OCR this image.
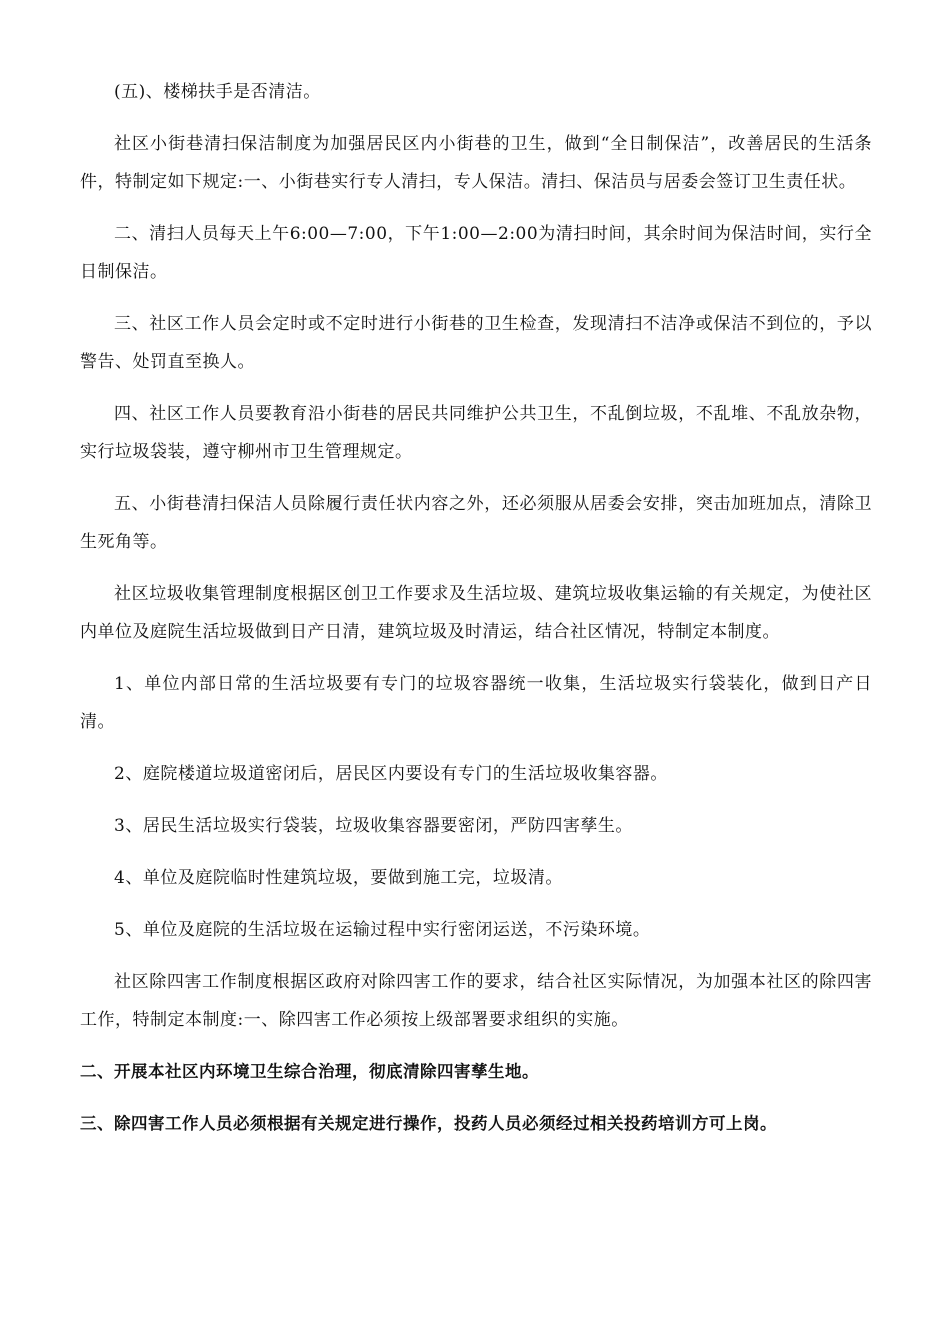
(五)、楼梯扶手是否清洁。

社区小街巷清扫保洁制度为加强居民区内小街巷的卫生，做到“全日制保洁”，改善居民的生活条件，特制定如下规定:一、小街巷实行专人清扫，专人保洁。清扫、保洁员与居委会签订卫生责任状。

二、清扫人员每天上午6:00—7:00，下午1:00—2:00为清扫时间，其余时间为保洁时间，实行全日制保洁。

三、社区工作人员会定时或不定时进行小街巷的卫生检查，发现清扫不洁净或保洁不到位的，予以警告、处罚直至换人。

四、社区工作人员要教育沿小街巷的居民共同维护公共卫生，不乱倒垃圾，不乱堆、不乱放杂物，实行垃圾袋装，遵守柳州市卫生管理规定。

五、小街巷清扫保洁人员除履行责任状内容之外，还必须服从居委会安排，突击加班加点，清除卫生死角等。

社区垃圾收集管理制度根据区创卫工作要求及生活垃圾、建筑垃圾收集运输的有关规定，为使社区内单位及庭院生活垃圾做到日产日清，建筑垃圾及时清运，结合社区情况，特制定本制度。

1、单位内部日常的生活垃圾要有专门的垃圾容器统一收集，生活垃圾实行袋装化，做到日产日清。

2、庭院楼道垃圾道密闭后，居民区内要设有专门的生活垃圾收集容器。

3、居民生活垃圾实行袋装，垃圾收集容器要密闭，严防四害孳生。

4、单位及庭院临时性建筑垃圾，要做到施工完，垃圾清。

5、单位及庭院的生活垃圾在运输过程中实行密闭运送，不污染环境。

社区除四害工作制度根据区政府对除四害工作的要求，结合社区实际情况，为加强本社区的除四害工作，特制定本制度:一、除四害工作必须按上级部署要求组织的实施。

二、开展本社区内环境卫生综合治理，彻底清除四害孳生地。

三、除四害工作人员必须根据有关规定进行操作，投药人员必须经过相关投药培训方可上岗。
